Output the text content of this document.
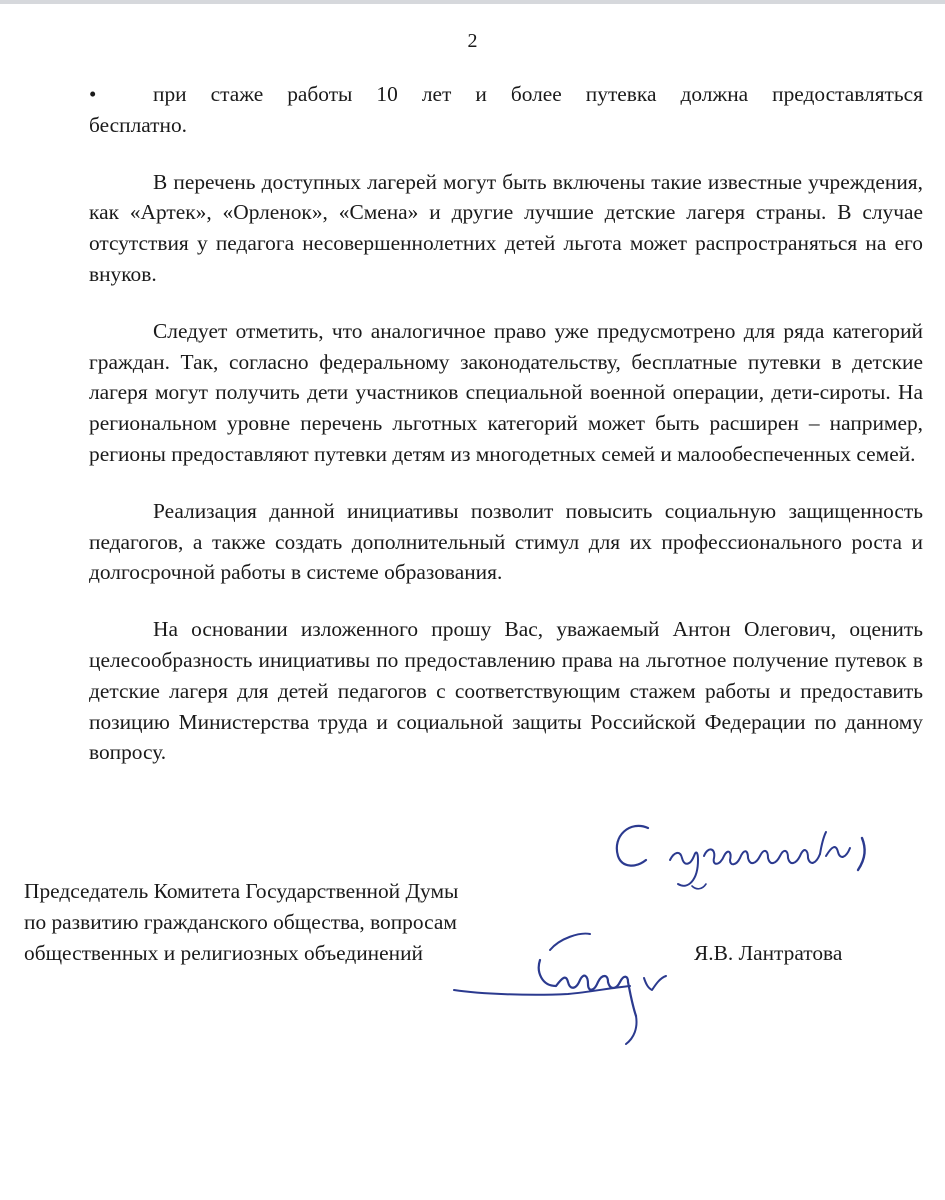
2
•	при стаже работы 10 лет и более путевка должна предоставляться
бесплатно.

В перечень доступных лагерей могут быть включены такие известные учреждения, как «Артек», «Орленок», «Смена» и другие лучшие детские лагеря страны. В случае отсутствия у педагога несовершеннолетних детей льгота может распространяться на его внуков.

Следует отметить, что аналогичное право уже предусмотрено для ряда категорий граждан. Так, согласно федеральному законодательству, бесплатные путевки в детские лагеря могут получить дети участников специальной военной операции, дети-сироты. На региональном уровне перечень льготных категорий может быть расширен – например, регионы предоставляют путевки детям из многодетных семей и малообеспеченных семей.

Реализация данной инициативы позволит повысить социальную защищенность педагогов, а также создать дополнительный стимул для их профессионального роста и долгосрочной работы в системе образования.

На основании изложенного прошу Вас, уважаемый Антон Олегович, оценить целесообразность инициативы по предоставлению права на льготное получение путевок в детские лагеря для детей педагогов с соответствующим стажем работы и предоставить позицию Министерства труда и социальной защиты Российской Федерации по данному вопросу.

Председатель Комитета Государственной Думы
по развитию гражданского общества, вопросам
общественных и религиозных объединений	Я.В. Лантратова
